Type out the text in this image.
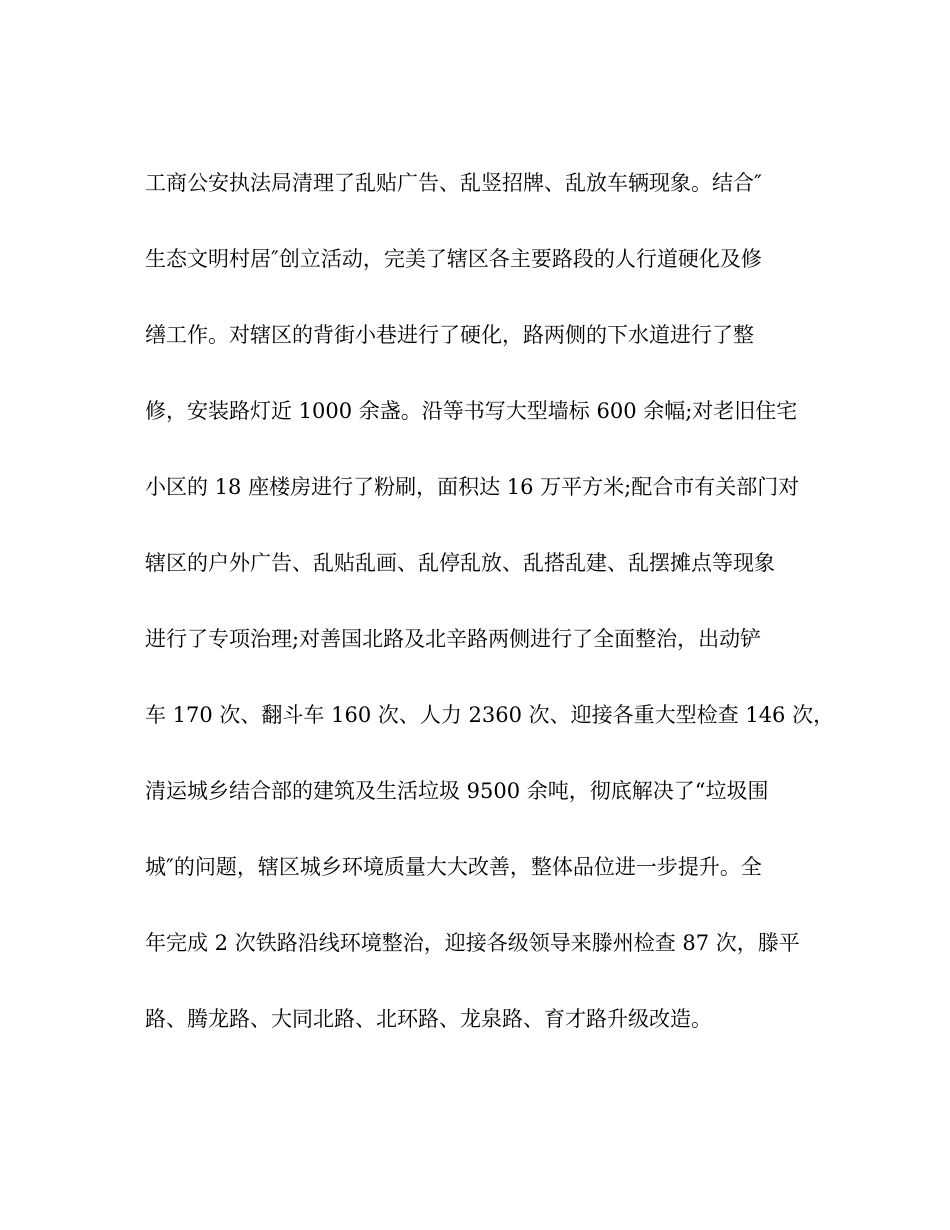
工商公安执法局清理了乱贴广告、乱竖招牌、乱放车辆现象。结合″
生态文明村居″创立活动，完美了辖区各主要路段的人行道硬化及修
缮工作。对辖区的背街小巷进行了硬化，路两侧的下水道进行了整
修，安装路灯近 1000 余盏。沿等书写大型墙标 600 余幅;对老旧住宅
小区的 18 座楼房进行了粉刷，面积达 16 万平方米;配合市有关部门对
辖区的户外广告、乱贴乱画、乱停乱放、乱搭乱建、乱摆摊点等现象
进行了专项治理;对善国北路及北辛路两侧进行了全面整治，出动铲
车 170 次、翻斗车 160 次、人力 2360 次、迎接各重大型检查 146 次，
清运城乡结合部的建筑及生活垃圾 9500 余吨，彻底解决了“垃圾围
城″的问题，辖区城乡环境质量大大改善，整体品位进一步提升。全
年完成 2 次铁路沿线环境整治，迎接各级领导来滕州检查 87 次，滕平
路、腾龙路、大同北路、北环路、龙泉路、育才路升级改造。
